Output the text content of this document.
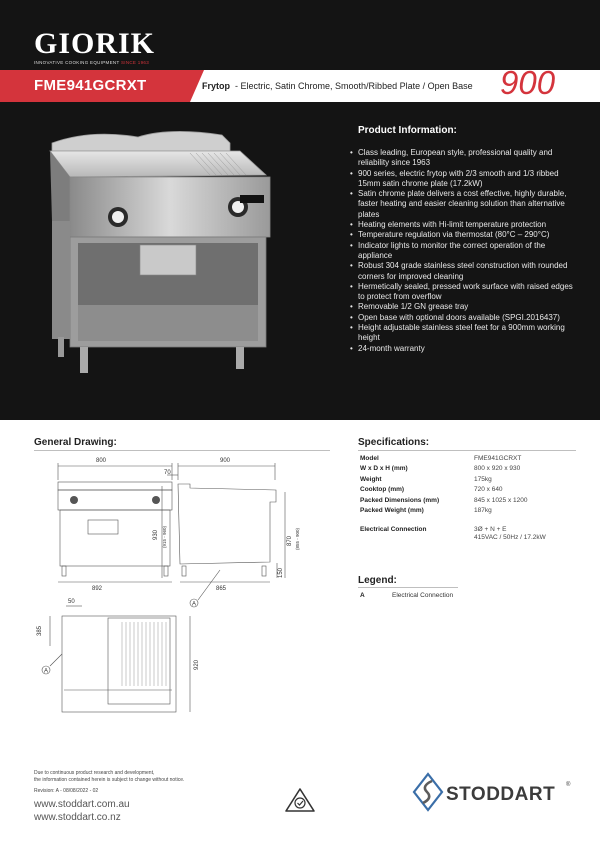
GIORIK
INNOVATIVE COOKING EQUIPMENT SINCE 1963
FME941GCRXT	Frytop - Electric, Satin Chrome, Smooth/Ribbed Plate / Open Base 900
Product Information:
• Class leading, European style, professional quality and reliability since 1963
• 900 series, electric frytop with 2/3 smooth and 1/3 ribbed 15mm satin chrome plate (17.2kW)
• Satin chrome plate delivers a cost effective, highly durable, faster heating and easier cleaning solution than alternative plates
• Heating elements with Hi-limit temperature protection
• Temperature regulation via thermostat (80°C – 290°C)
• Indicator lights to monitor the correct operation of the appliance
• Robust 304 grade stainless steel construction with rounded corners for improved cleaning
• Hermetically sealed, pressed work surface with raised edges to protect from overflow
• Removable 1/2 GN grease tray
• Open base with optional doors available (SPGI.2016437)
• Height adjustable stainless steel feet for a 900mm working height
• 24-month warranty
General Drawing:
800	900
70
930 (915 - 960)	870 (855 - 900)
892	865
150
A
50
385
920
A
Specifications:
Model	FME941GCRXT
W x D x H (mm)	800 x 920 x 930
Weight	175kg
Cooktop (mm)	720 x 640
Packed Dimensions (mm)	845 x 1025 x 1200
Packed Weight (mm)	187kg
Electrical Connection	3Ø + N + E
415VAC / 50Hz / 17.2kW
Legend:
A	Electrical Connection
Due to continuous product research and development,
the information contained herein is subject to change without notice.
Revision: A - 08/08/2022 - 02
www.stoddart.com.au
www.stoddart.co.nz
STODDART ®
